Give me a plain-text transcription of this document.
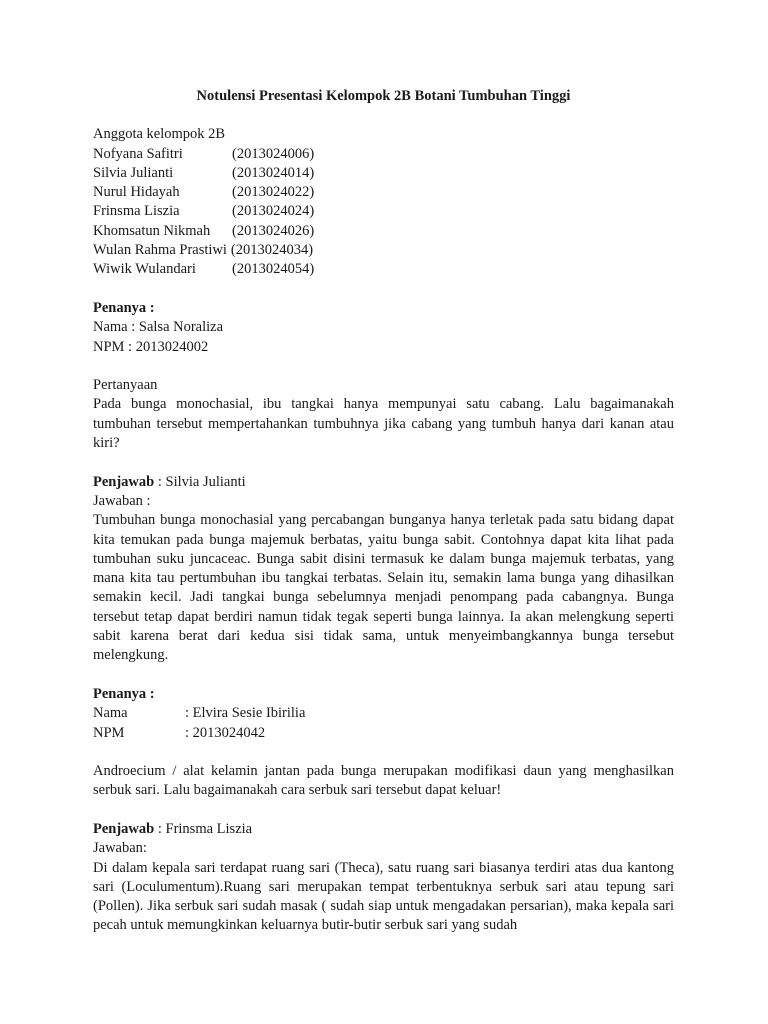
Notulensi Presentasi Kelompok 2B Botani Tumbuhan Tinggi

Anggota kelompok 2B

Nofyana Safitri	(2013024006)
Silvia Julianti	(2013024014)
Nurul Hidayah	(2013024022)
Frinsma Liszia	(2013024024)
Khomsatun Nikmah	(2013024026)
Wulan Rahma Prastiwi (2013024034)
Wiwik Wulandari	(2013024054)

Penanya :

Nama : Salsa Noraliza

NPM : 2013024002

Pertanyaan

Pada bunga monochasial, ibu tangkai hanya mempunyai satu cabang. Lalu bagaimanakah tumbuhan tersebut mempertahankan tumbuhnya jika cabang yang tumbuh hanya dari kanan atau kiri?

Penjawab : Silvia Julianti

Jawaban :

Tumbuhan bunga monochasial yang percabangan bunganya hanya terletak pada satu bidang dapat kita temukan pada bunga majemuk berbatas, yaitu bunga sabit. Contohnya dapat kita lihat pada tumbuhan suku juncaceac. Bunga sabit disini termasuk ke dalam bunga majemuk terbatas, yang mana kita tau pertumbuhan ibu tangkai terbatas. Selain itu, semakin lama bunga yang dihasilkan semakin kecil. Jadi tangkai bunga sebelumnya menjadi penompang pada cabangnya. Bunga tersebut tetap dapat berdiri namun tidak tegak seperti bunga lainnya. Ia akan melengkung seperti sabit karena berat dari kedua sisi tidak sama, untuk menyeimbangkannya bunga tersebut melengkung.

Penanya :

Nama	: Elvira Sesie Ibirilia
NPM	: 2013024042

Androecium / alat kelamin jantan pada bunga merupakan modifikasi daun yang menghasilkan serbuk sari. Lalu bagaimanakah cara serbuk sari tersebut dapat keluar!

Penjawab : Frinsma Liszia

Jawaban:

Di dalam kepala sari terdapat ruang sari (Theca), satu ruang sari biasanya terdiri atas dua kantong sari (Loculumentum).Ruang sari merupakan tempat terbentuknya serbuk sari atau tepung sari (Pollen). Jika serbuk sari sudah masak ( sudah siap untuk mengadakan persarian), maka kepala sari pecah untuk memungkinkan keluarnya butir-butir serbuk sari yang sudah
